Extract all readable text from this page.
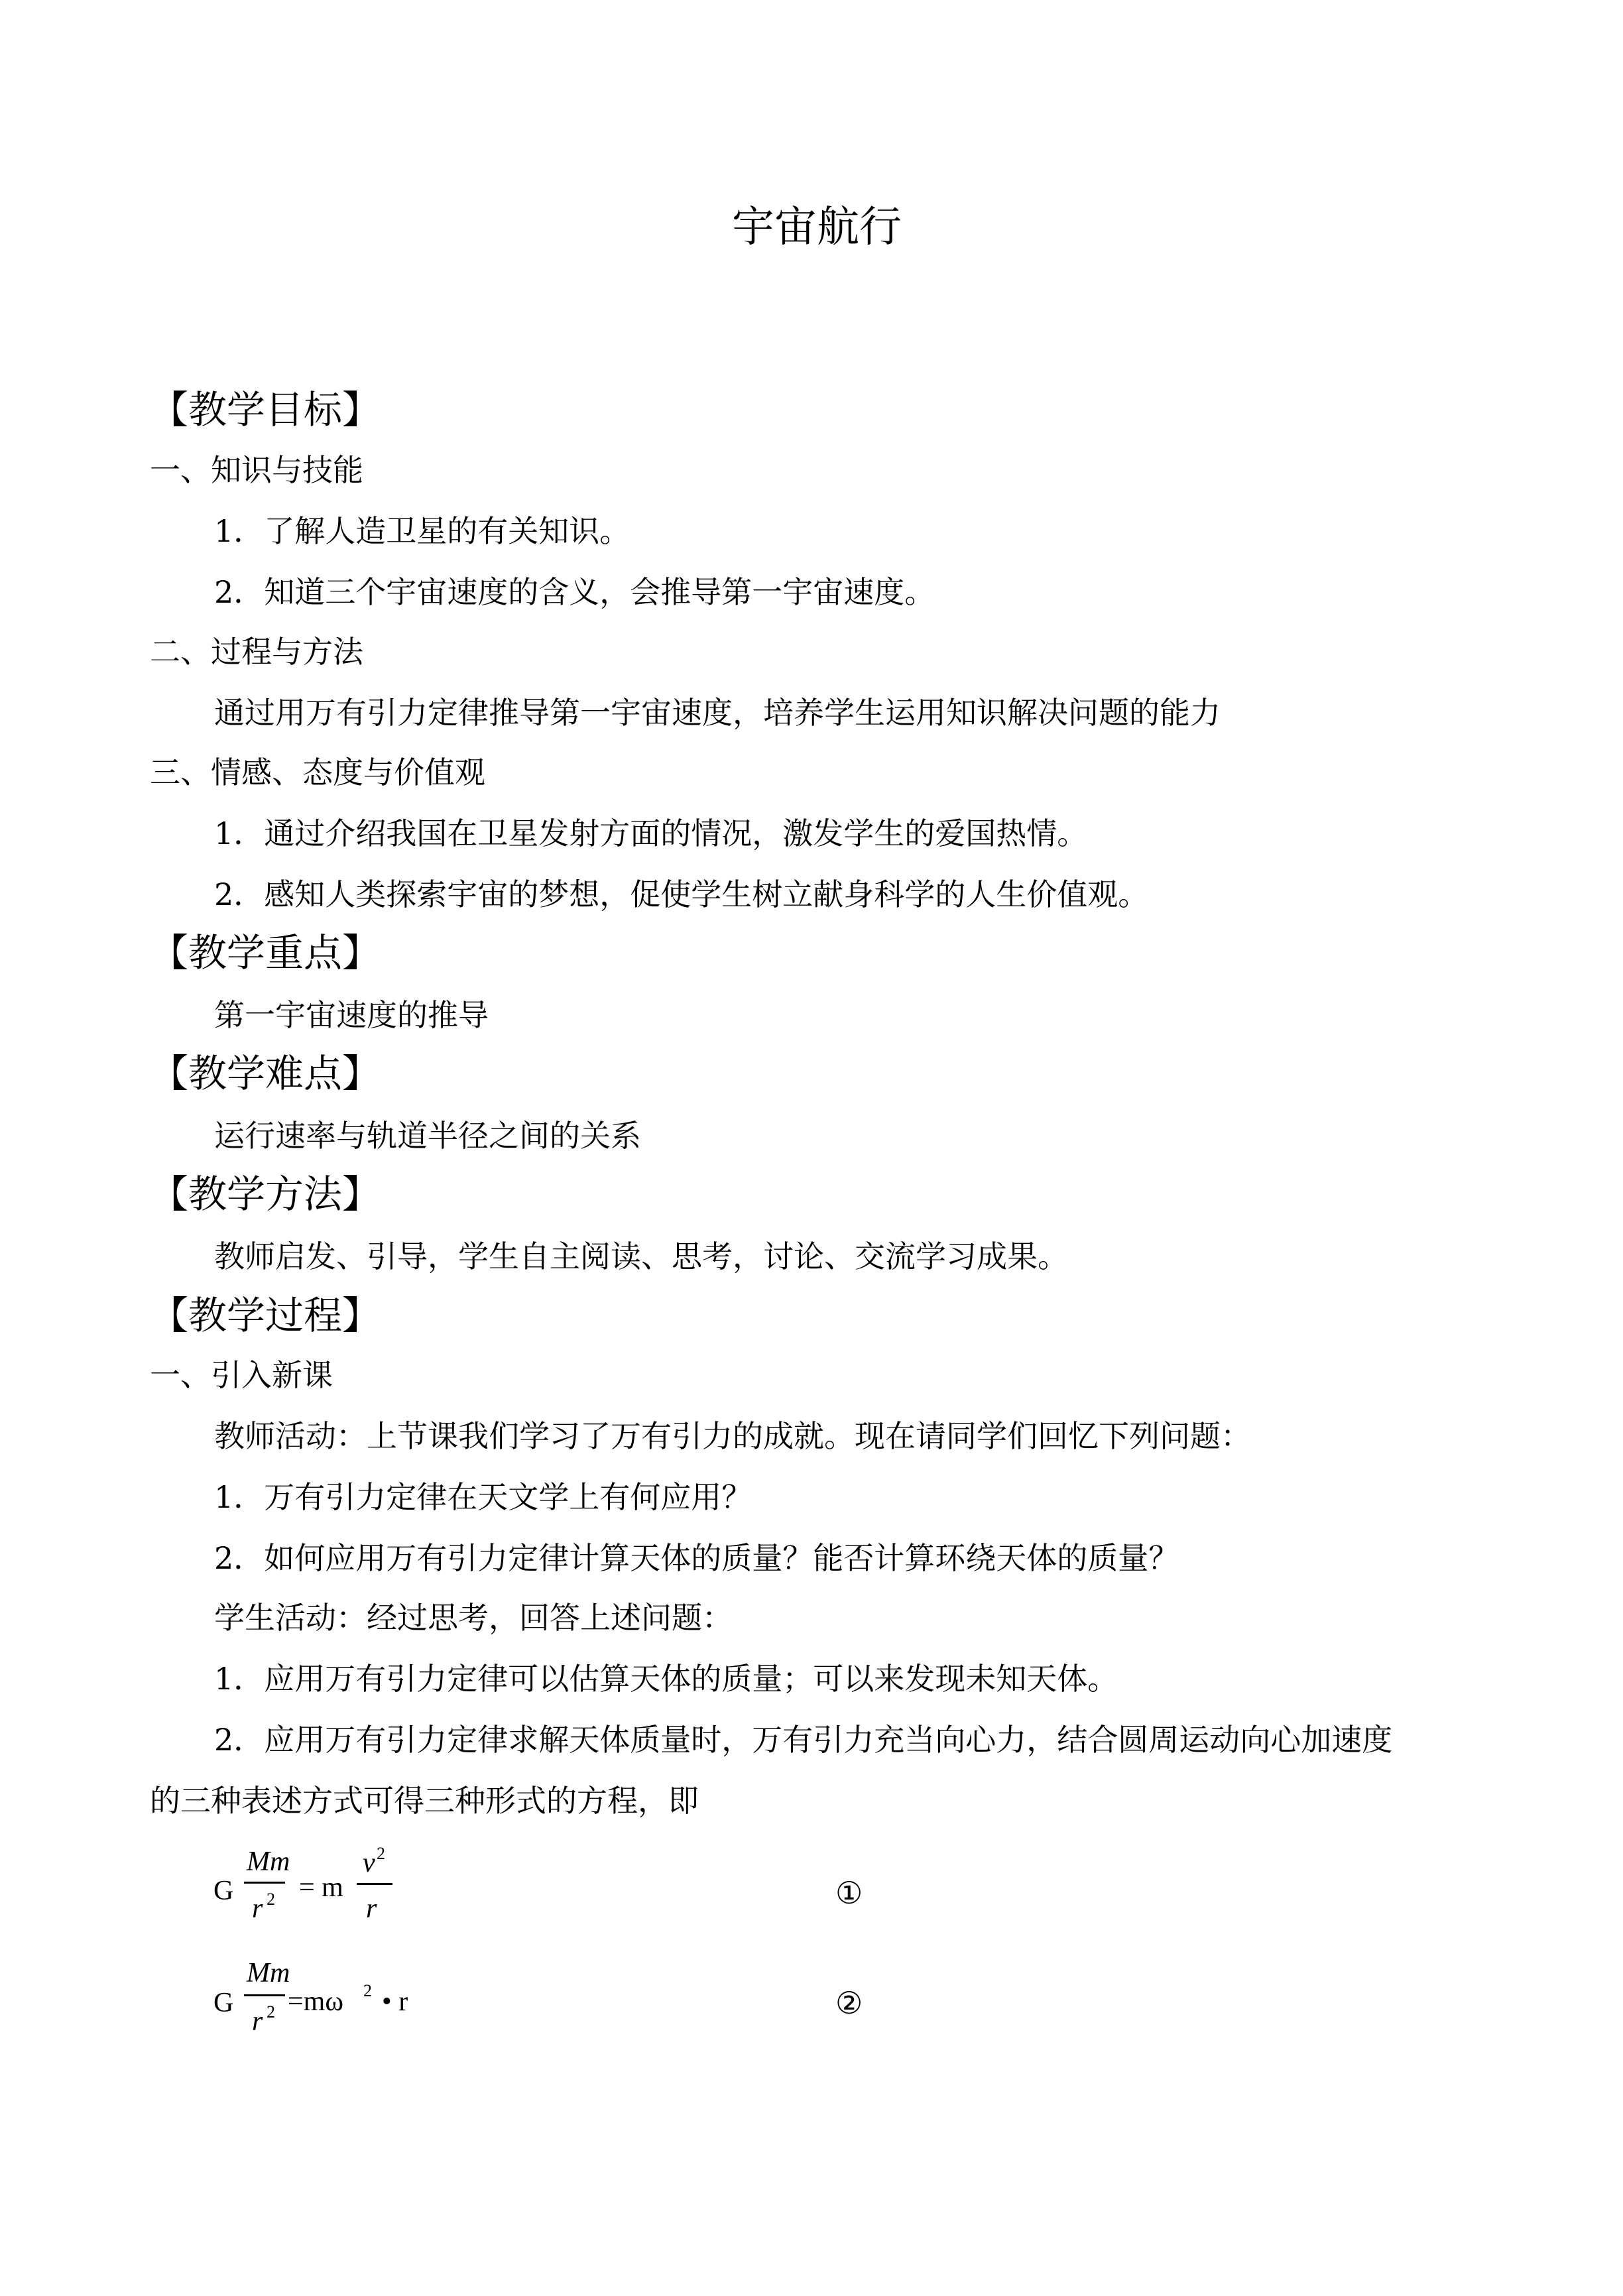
宇宙航行
【教学目标】
一、知识与技能
1．了解人造卫星的有关知识。
2．知道三个宇宙速度的含义，会推导第一宇宙速度。
二、过程与方法
通过用万有引力定律推导第一宇宙速度，培养学生运用知识解决问题的能力
三、情感、态度与价值观
1．通过介绍我国在卫星发射方面的情况，激发学生的爱国热情。
2．感知人类探索宇宙的梦想，促使学生树立献身科学的人生价值观。
【教学重点】
第一宇宙速度的推导
【教学难点】
运行速率与轨道半径之间的关系
【教学方法】
教师启发、引导，学生自主阅读、思考，讨论、交流学习成果。
【教学过程】
一、引入新课
教师活动：上节课我们学习了万有引力的成就。现在请同学们回忆下列问题：
1．万有引力定律在天文学上有何应用？
2．如何应用万有引力定律计算天体的质量？能否计算环绕天体的质量？
学生活动：经过思考，回答上述问题：
1．应用万有引力定律可以估算天体的质量；可以来发现未知天体。
2．应用万有引力定律求解天体质量时，万有引力充当向心力，结合圆周运动向心加速度
的三种表述方式可得三种形式的方程，即
G
Mm
r 2 = m
v 2
r	①
G
Mm
r 2 =mω 2 • r	②
